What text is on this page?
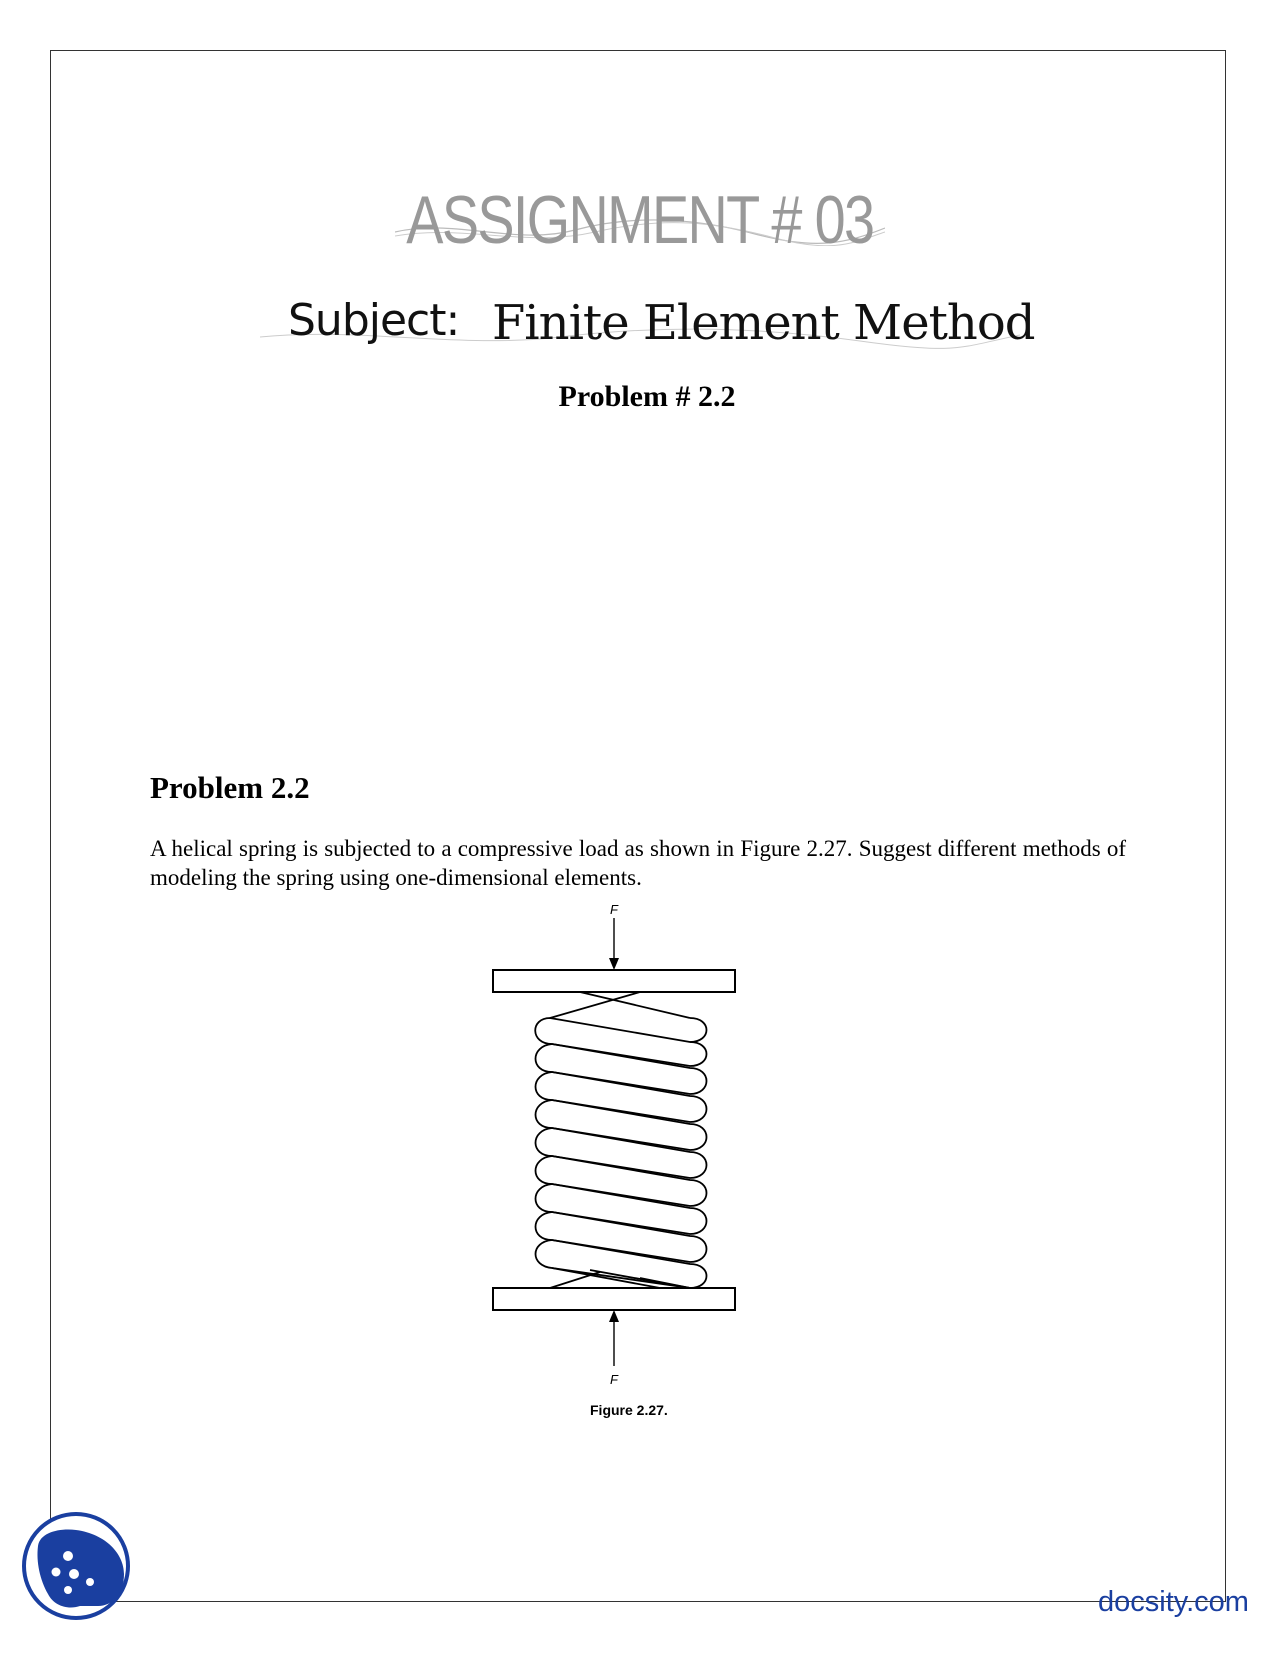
ASSIGNMENT # 03
Subject: Finite Element Method
Problem # 2.2
Problem 2.2
A helical spring is subjected to a compressive load as shown in Figure 2.27. Suggest different methods of modeling the spring using one-dimensional elements.
F
F
Figure 2.27.
docsity.com
